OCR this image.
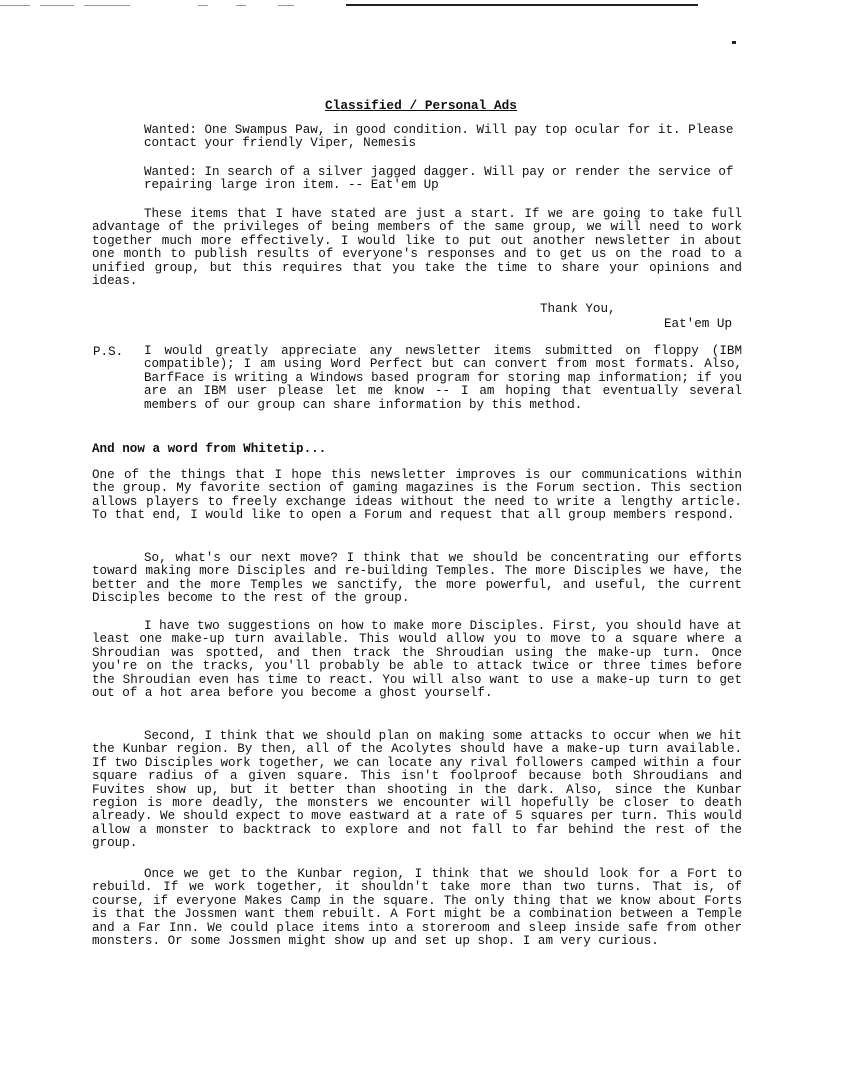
Classified / Personal Ads

Wanted: One Swampus Paw, in good condition. Will pay top ocular for it. Please contact your friendly Viper, Nemesis

Wanted: In search of a silver jagged dagger. Will pay or render the service of repairing large iron item. -- Eat'em Up

These items that I have stated are just a start. If we are going to take full advantage of the privileges of being members of the same group, we will need to work together much more effectively. I would like to put out another newsletter in about one month to publish results of everyone's responses and to get us on the road to a unified group, but this requires that you take the time to share your opinions and ideas.

Thank You,
Eat'em Up
P.S. I would greatly appreciate any newsletter items submitted on floppy (IBM compatible); I am using Word Perfect but can convert from most formats. Also, BarfFace is writing a Windows based program for storing map information; if you are an IBM user please let me know -- I am hoping that eventually several members of our group can share information by this method.

And now a word from Whitetip...

One of the things that I hope this newsletter improves is our communications within the group. My favorite section of gaming magazines is the Forum section. This section allows players to freely exchange ideas without the need to write a lengthy article. To that end, I would like to open a Forum and request that all group members respond.

So, what's our next move? I think that we should be concentrating our efforts toward making more Disciples and re-building Temples. The more Disciples we have, the better and the more Temples we sanctify, the more powerful, and useful, the current Disciples become to the rest of the group.

I have two suggestions on how to make more Disciples. First, you should have at least one make-up turn available. This would allow you to move to a square where a Shroudian was spotted, and then track the Shroudian using the make-up turn. Once you're on the tracks, you'll probably be able to attack twice or three times before the Shroudian even has time to react. You will also want to use a make-up turn to get out of a hot area before you become a ghost yourself.

Second, I think that we should plan on making some attacks to occur when we hit the Kunbar region. By then, all of the Acolytes should have a make-up turn available. If two Disciples work together, we can locate any rival followers camped within a four square radius of a given square. This isn't foolproof because both Shroudians and Fuvites show up, but it better than shooting in the dark. Also, since the Kunbar region is more deadly, the monsters we encounter will hopefully be closer to death already. We should expect to move eastward at a rate of 5 squares per turn. This would allow a monster to backtrack to explore and not fall to far behind the rest of the group.

Once we get to the Kunbar region, I think that we should look for a Fort to rebuild. If we work together, it shouldn't take more than two turns. That is, of course, if everyone Makes Camp in the square. The only thing that we know about Forts is that the Jossmen want them rebuilt. A Fort might be a combination between a Temple and a Far Inn. We could place items into a storeroom and sleep inside safe from other monsters. Or some Jossmen might show up and set up shop. I am very curious.
